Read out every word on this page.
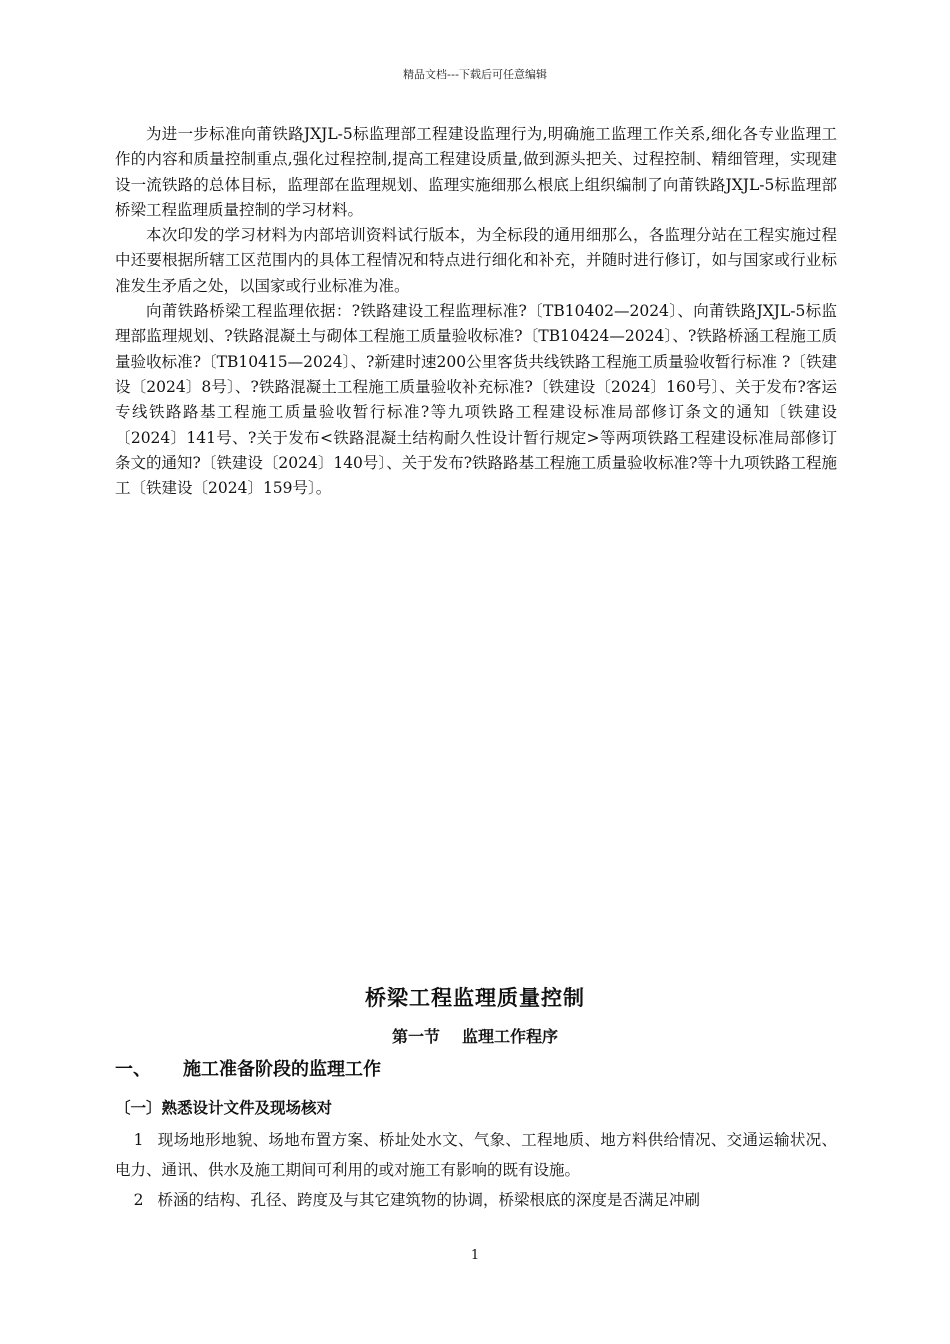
精品文档---下载后可任意编辑

为进一步标准向莆铁路JXJL-5标监理部工程建设监理行为,明确施工监理工作关系,细化各专业监理工作的内容和质量控制重点,强化过程控制,提高工程建设质量,做到源头把关、过程控制、精细管理，实现建设一流铁路的总体目标，监理部在监理规划、监理实施细那么根底上组织编制了向莆铁路JXJL-5标监理部桥梁工程监理质量控制的学习材料。

本次印发的学习材料为内部培训资料试行版本，为全标段的通用细那么，各监理分站在工程实施过程中还要根据所辖工区范围内的具体工程情况和特点进行细化和补充，并随时进行修订，如与国家或行业标准发生矛盾之处，以国家或行业标准为准。

向莆铁路桥梁工程监理依据：?铁路建设工程监理标准?〔TB10402—2024〕、向莆铁路JXJL-5标监理部监理规划、?铁路混凝土与砌体工程施工质量验收标准?〔TB10424—2024〕、?铁路桥涵工程施工质量验收标准?〔TB10415—2024〕、?新建时速200公里客货共线铁路工程施工质量验收暂行标准 ?〔铁建设〔2024〕8号〕、?铁路混凝土工程施工质量验收补充标准?〔铁建设〔2024〕160号〕、关于发布?客运专线铁路路基工程施工质量验收暂行标准?等九项铁路工程建设标准局部修订条文的通知〔铁建设〔2024〕141号、?关于发布<铁路混凝土结构耐久性设计暂行规定>等两项铁路工程建设标准局部修订条文的通知?〔铁建设〔2024〕140号〕、关于发布?铁路路基工程施工质量验收标准?等十九项铁路工程施工〔铁建设〔2024〕159号〕。

桥梁工程监理质量控制
第一节 监理工作程序
一、 施工准备阶段的监理工作
〔一〕熟悉设计文件及现场核对

1 现场地形地貌、场地布置方案、桥址处水文、气象、工程地质、地方料供给情况、交通运输状况、电力、通讯、供水及施工期间可利用的或对施工有影响的既有设施。

2 桥涵的结构、孔径、跨度及与其它建筑物的协调，桥梁根底的深度是否满足冲刷

1
